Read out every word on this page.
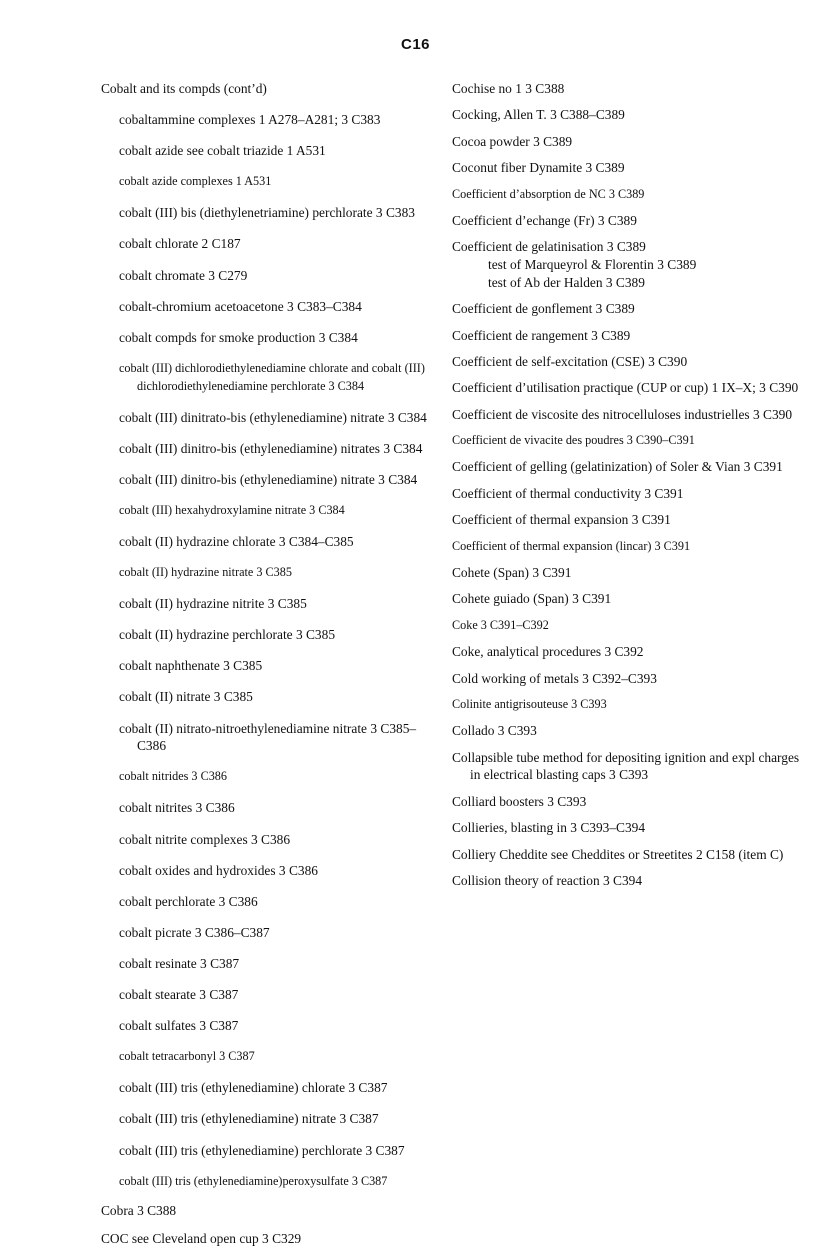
C16

Cobalt and its compds (cont’d)

cobaltammine complexes 1 A278–A281; 3 C383

cobalt azide see cobalt triazide 1 A531

cobalt azide complexes 1 A531

cobalt (III) bis (diethylenetriamine) perchlorate 3 C383

cobalt chlorate 2 C187

cobalt chromate 3 C279

cobalt-chromium acetoacetone 3 C383–C384

cobalt compds for smoke production 3 C384

cobalt (III) dichlorodiethylenediamine chlorate and cobalt (III) dichlorodiethylenediamine perchlorate 3 C384

cobalt (III) dinitrato-bis (ethylenediamine) nitrate 3 C384

cobalt (III) dinitro-bis (ethylenediamine) nitrates 3 C384

cobalt (III) dinitro-bis (ethylenediamine) nitrate 3 C384

cobalt (III) hexahydroxylamine nitrate 3 C384

cobalt (II) hydrazine chlorate 3 C384–C385

cobalt (II) hydrazine nitrate 3 C385

cobalt (II) hydrazine nitrite 3 C385

cobalt (II) hydrazine perchlorate 3 C385

cobalt naphthenate 3 C385

cobalt (II) nitrate 3 C385

cobalt (II) nitrato-nitroethylenediamine nitrate 3 C385–C386

cobalt nitrides 3 C386

cobalt nitrites 3 C386

cobalt nitrite complexes 3 C386

cobalt oxides and hydroxides 3 C386

cobalt perchlorate 3 C386

cobalt picrate 3 C386–C387

cobalt resinate 3 C387

cobalt stearate 3 C387

cobalt sulfates 3 C387

cobalt tetracarbonyl 3 C387

cobalt (III) tris (ethylenediamine) chlorate 3 C387

cobalt (III) tris (ethylenediamine) nitrate 3 C387

cobalt (III) tris (ethylenediamine) perchlorate 3 C387

cobalt (III) tris (ethylenediamine)peroxysulfate 3 C387

Cobra 3 C388

COC see Cleveland open cup 3 C329

Cochise no 1 3 C388

Cocking, Allen T. 3 C388–C389

Cocoa powder 3 C389

Coconut fiber Dynamite 3 C389

Coefficient d’absorption de NC 3 C389

Coefficient d’echange (Fr) 3 C389

Coefficient de gelatinisation 3 C389
test of Marqueyrol & Florentin 3 C389
test of Ab der Halden 3 C389

Coefficient de gonflement 3 C389

Coefficient de rangement 3 C389

Coefficient de self-excitation (CSE) 3 C390

Coefficient d’utilisation practique (CUP or cup) 1 IX–X; 3 C390

Coefficient de viscosite des nitrocelluloses industrielles 3 C390

Coefficient de vivacite des poudres 3 C390–C391

Coefficient of gelling (gelatinization) of Soler & Vian 3 C391

Coefficient of thermal conductivity 3 C391

Coefficient of thermal expansion 3 C391

Coefficient of thermal expansion (lincar) 3 C391

Cohete (Span) 3 C391

Cohete guiado (Span) 3 C391

Coke 3 C391–C392

Coke, analytical procedures 3 C392

Cold working of metals 3 C392–C393

Colinite antigrisouteuse 3 C393

Collado 3 C393

Collapsible tube method for depositing ignition and expl charges in electrical blasting caps 3 C393

Colliard boosters 3 C393

Collieries, blasting in 3 C393–C394

Colliery Cheddite see Cheddites or Streetites 2 C158 (item C)

Collision theory of reaction 3 C394
